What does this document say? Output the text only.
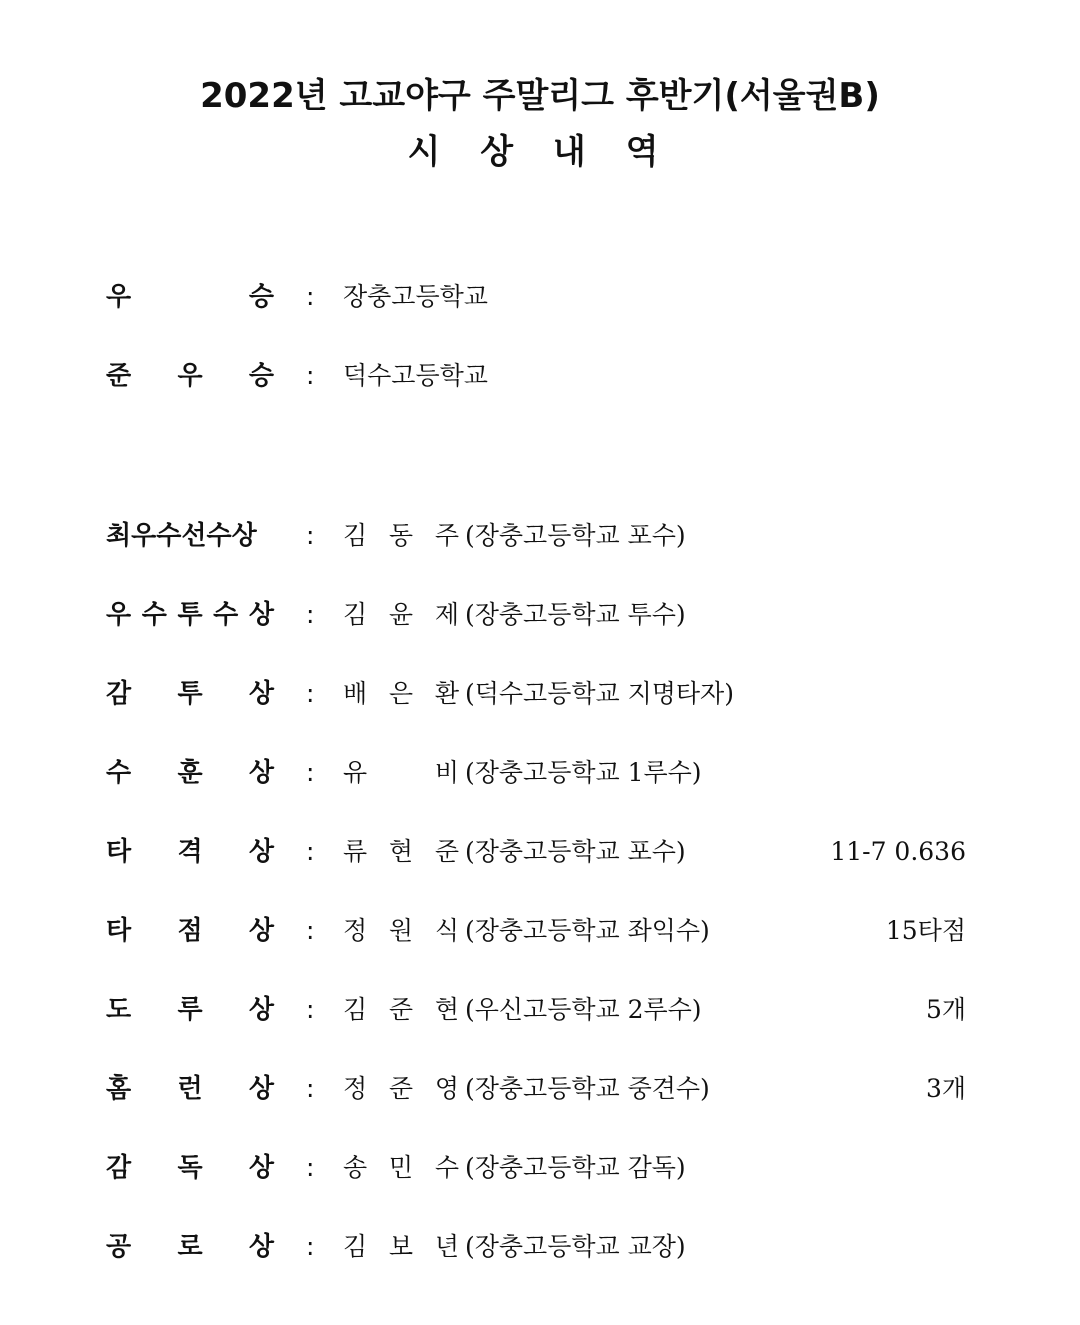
2022년 고교야구 주말리그 후반기(서울권B)
시 상 내 역
우	승 : 장충고등학교
준 우 승 : 덕수고등학교
최우수선수상 : 김 동 주 (장충고등학교 포수)
우 수 투 수 상 : 김 윤 제 (장충고등학교 투수)
감 투 상 : 배 은 환 (덕수고등학교 지명타자)
수 훈 상 : 유	비 (장충고등학교 1루수)
타 격 상 : 류 현 준 (장충고등학교 포수)	11-7 0.636
타 점 상 : 정 원 식 (장충고등학교 좌익수)	15타점
도 루 상 : 김 준 현 (우신고등학교 2루수)	5개
홈 런 상 : 정 준 영 (장충고등학교 중견수)	3개
감 독 상 : 송 민 수 (장충고등학교 감독)
공 로 상 : 김 보 년 (장충고등학교 교장)
